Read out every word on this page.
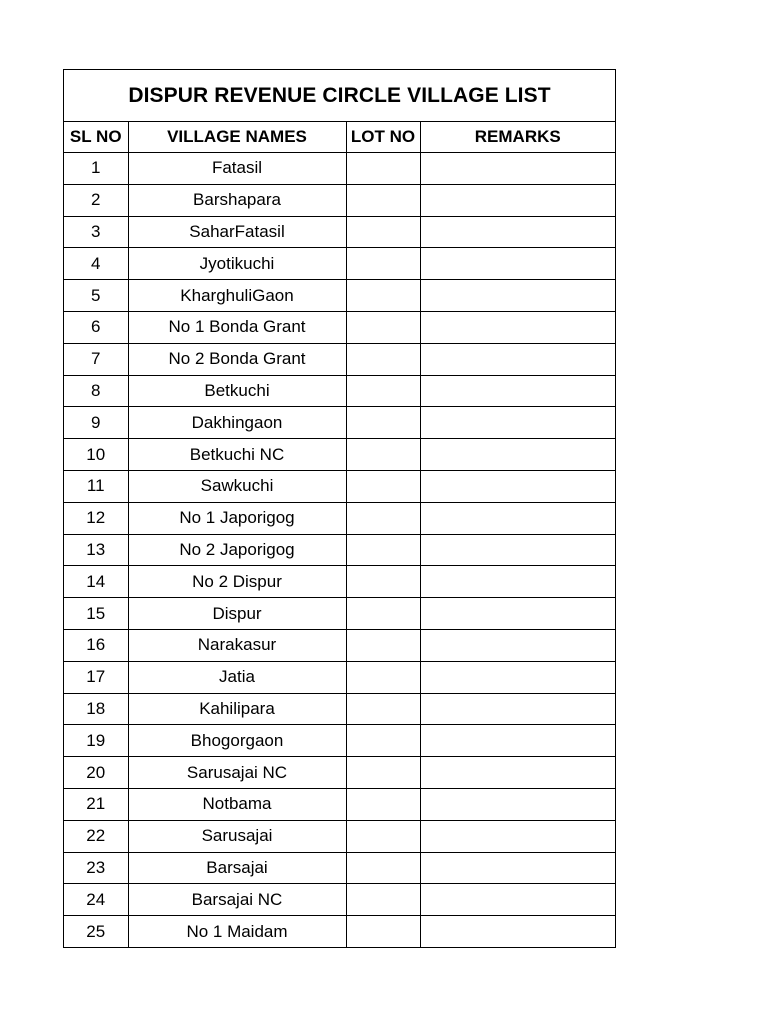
DISPUR REVENUE CIRCLE VILLAGE LIST
SL NO	VILLAGE NAMES	LOT NO	REMARKS
1	Fatasil		
2	Barshapara		
3	SaharFatasil		
4	Jyotikuchi		
5	KharghuliGaon		
6	No 1 Bonda Grant		
7	No 2 Bonda Grant		
8	Betkuchi		
9	Dakhingaon		
10	Betkuchi NC		
11	Sawkuchi		
12	No 1 Japorigog		
13	No 2 Japorigog		
14	No 2 Dispur		
15	Dispur		
16	Narakasur		
17	Jatia		
18	Kahilipara		
19	Bhogorgaon		
20	Sarusajai NC		
21	Notbama		
22	Sarusajai		
23	Barsajai		
24	Barsajai NC		
25	No 1 Maidam		
